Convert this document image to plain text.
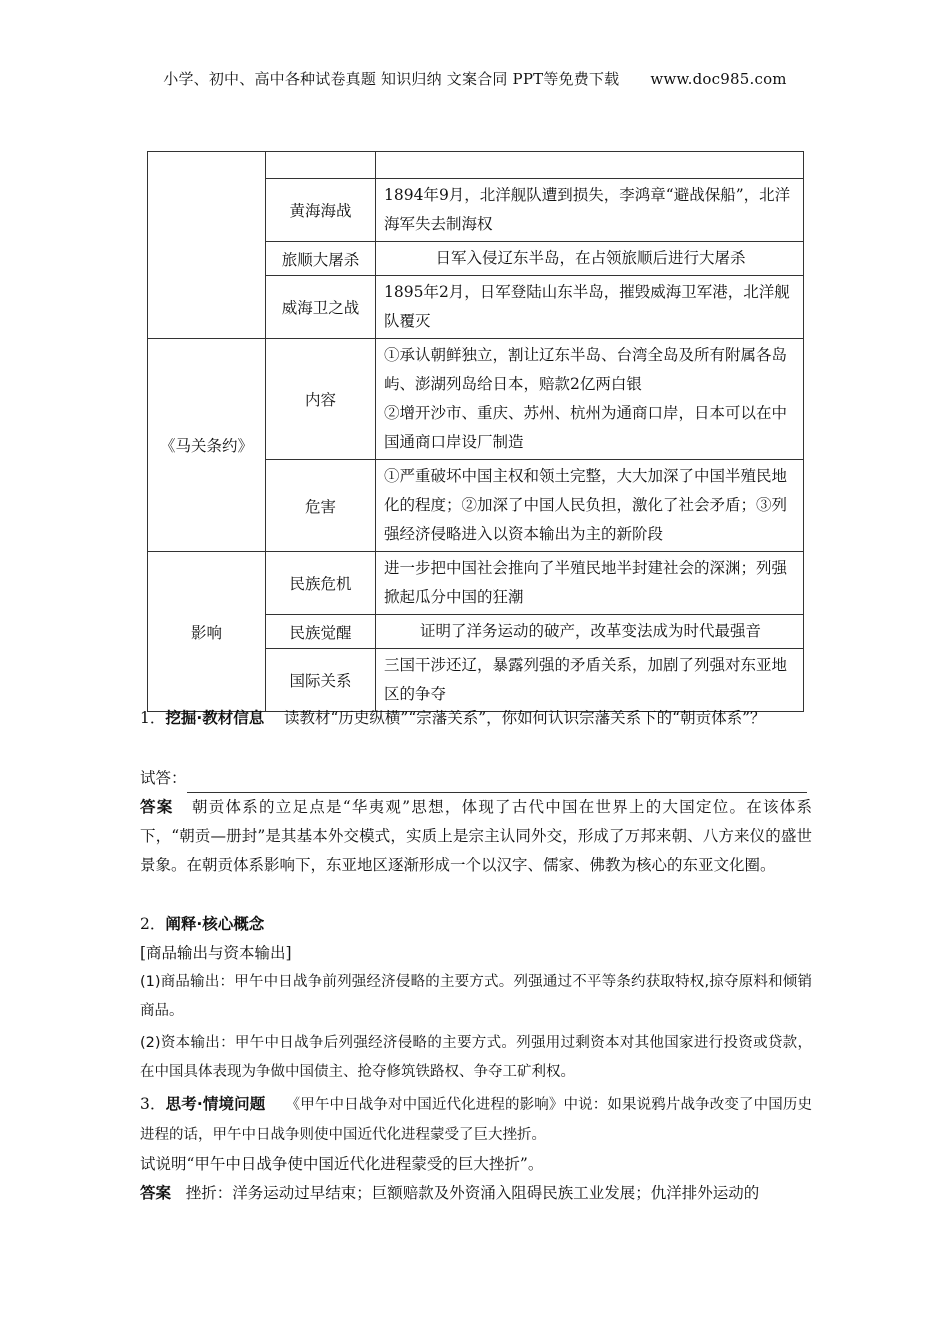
小学、初中、高中各种试卷真题 知识归纳 文案合同 PPT等免费下载 www.doc985.com

	黄海海战	1894年9月，北洋舰队遭到损失，李鸿章“避战保船”，北洋海军失去制海权
	旅顺大屠杀	日军入侵辽东半岛，在占领旅顺后进行大屠杀
	威海卫之战	1895年2月，日军登陆山东半岛，摧毁威海卫军港，北洋舰队覆灭
《马关条约》	内容	①承认朝鲜独立，割让辽东半岛、台湾全岛及所有附属各岛屿、澎湖列岛给日本，赔款2亿两白银
②增开沙市、重庆、苏州、杭州为通商口岸，日本可以在中国通商口岸设厂制造

	危害	①严重破坏中国主权和领土完整，大大加深了中国半殖民地化的程度；②加深了中国人民负担，激化了社会矛盾；③列强经济侵略进入以资本输出为主的新阶段
影响	民族危机	进一步把中国社会推向了半殖民地半封建社会的深渊；列强掀起瓜分中国的狂潮
	民族觉醒	证明了洋务运动的破产，改革变法成为时代最强音
	国际关系	三国干涉还辽，暴露列强的矛盾关系，加剧了列强对东亚地区的争夺
1．挖掘·教材信息 读教材“历史纵横”“宗藩关系”，你如何认识宗藩关系下的“朝贡体系”？
试答：
答案 朝贡体系的立足点是“华夷观”思想，体现了古代中国在世界上的大国定位。在该体系下，“朝贡—册封”是其基本外交模式，实质上是宗主认同外交，形成了万邦来朝、八方来仪的盛世景象。在朝贡体系影响下，东亚地区逐渐形成一个以汉字、儒家、佛教为核心的东亚文化圈。
2．阐释·核心概念
[商品输出与资本输出]
(1)商品输出：甲午中日战争前列强经济侵略的主要方式。列强通过不平等条约获取特权,掠夺原料和倾销商品。
(2)资本输出：甲午中日战争后列强经济侵略的主要方式。列强用过剩资本对其他国家进行投资或贷款，在中国具体表现为争做中国债主、抢夺修筑铁路权、争夺工矿利权。
3．思考·情境问题 《甲午中日战争对中国近代化进程的影响》中说：如果说鸦片战争改变了中国历史进程的话，甲午中日战争则使中国近代化进程蒙受了巨大挫折。
试说明“甲午中日战争使中国近代化进程蒙受的巨大挫折”。
答案 挫折：洋务运动过早结束；巨额赔款及外资涌入阻碍民族工业发展；仇洋排外运动的
